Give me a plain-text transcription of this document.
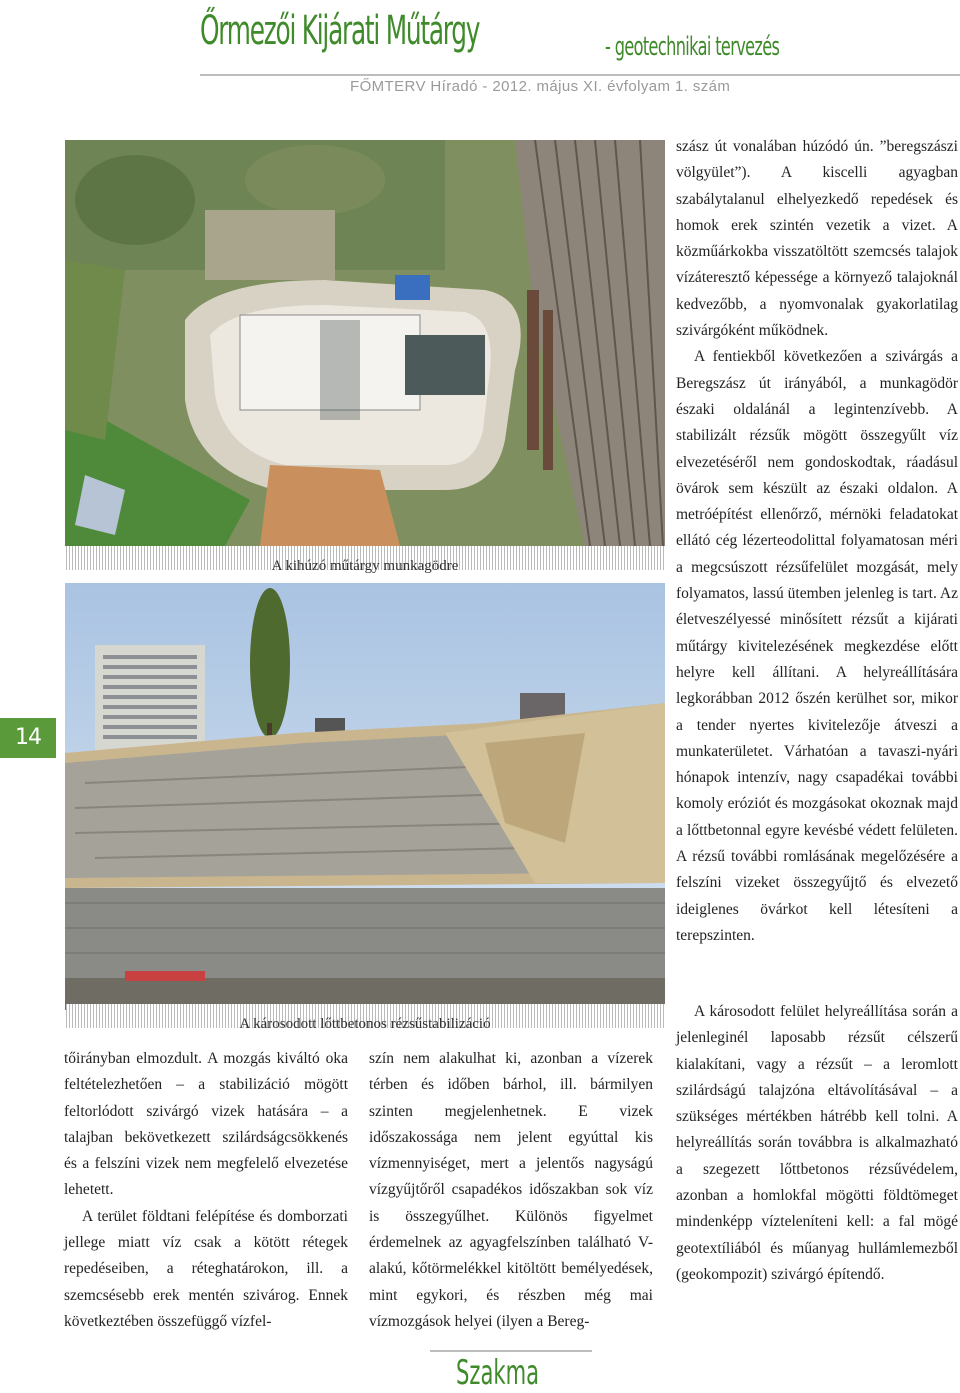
Őrmezői Kijárati Műtárgy	- geotechnikai tervezés
FŐMTERV Híradó - 2012. május XI. évfolyam 1. szám
A kihúzó műtárgy munkagödre
A károsodott lőttbetonos rézsűstabilizáció
14

szász út vonalában húzódó ún. ”beregszászi völgyület”). A kiscelli agyagban szabálytalanul elhelyezkedő repedések és homok erek szintén vezetik a vizet. A közműárkokba visszatöltött szemcsés talajok vízáteresztő képessége a környező talajoknál kedvezőbb, a nyomvonalak gyakorlatilag szivárgóként működnek.

A fentiekből következően a szivárgás a Beregszász út irányából, a munkagödör északi oldalánál a legintenzívebb. A stabilizált rézsűk mögött összegyűlt víz elvezetéséről nem gondoskodtak, ráadásul övárok sem készült az északi oldalon. A metróépítést ellenőrző, mérnöki feladatokat ellátó cég lézerteodolittal folyamatosan méri a megcsúszott rézsűfelület mozgását, mely folyamatos, lassú ütemben jelenleg is tart. Az életveszélyessé minősített rézsűt a kijárati műtárgy kivitelezésének megkezdése előtt helyre kell állítani. A helyreállítására legkorábban 2012 őszén kerülhet sor, mikor a tender nyertes kivitelezője átveszi a munkaterületet. Várhatóan a tavaszi-nyári hónapok intenzív, nagy csapadékai további komoly eróziót és mozgásokat okoznak majd a lőttbetonnal egyre kevésbé védett felületen. A rézsű további romlásának megelőzésére a felszíni vizeket összegyűjtő és elvezető ideiglenes övárkot kell létesíteni a terepszinten.

A károsodott felület helyreállítása során a jelenleginél laposabb rézsűt célszerű kialakítani, vagy a rézsűt – a leromlott szilárdságú talajzóna eltávolításával – a szükséges mértékben hátrébb kell tolni. A helyreállítás során továbbra is alkalmazható a szegezett lőttbetonos rézsűvédelem, azonban a homlokfal mögötti földtömeget mindenképp vízteleníteni kell: a fal mögé geotextíliából és műanyag hullámlemezből (geokompozit) szivárgó építendő.

tőirányban elmozdult. A mozgás kiváltó oka feltételezhetően – a stabilizáció mögött feltorlódott szivárgó vizek hatására – a talajban bekövetkezett szilárdságcsökkenés és a felszíni vizek nem megfelelő elvezetése lehetett.

A terület földtani felépítése és domborzati jellege miatt víz csak a kötött rétegek repedéseiben, a réteghatárokon, ill. a szemcsésebb erek mentén szivárog. Ennek következtében összefüggő vízfel-

szín nem alakulhat ki, azonban a vízerek térben és időben bárhol, ill. bármilyen szinten megjelenhetnek. E vizek időszakossága nem jelent egyúttal kis vízmennyiséget, mert a jelentős nagyságú vízgyűjtőről csapadékos időszakban sok víz is összegyűlhet. Különös figyelmet érdemelnek az agyagfelszínben található V-alakú, kőtörmelékkel kitöltött bemélyedések, mint egykori, és részben még mai vízmozgások helyei (ilyen a Bereg-

Szakma
